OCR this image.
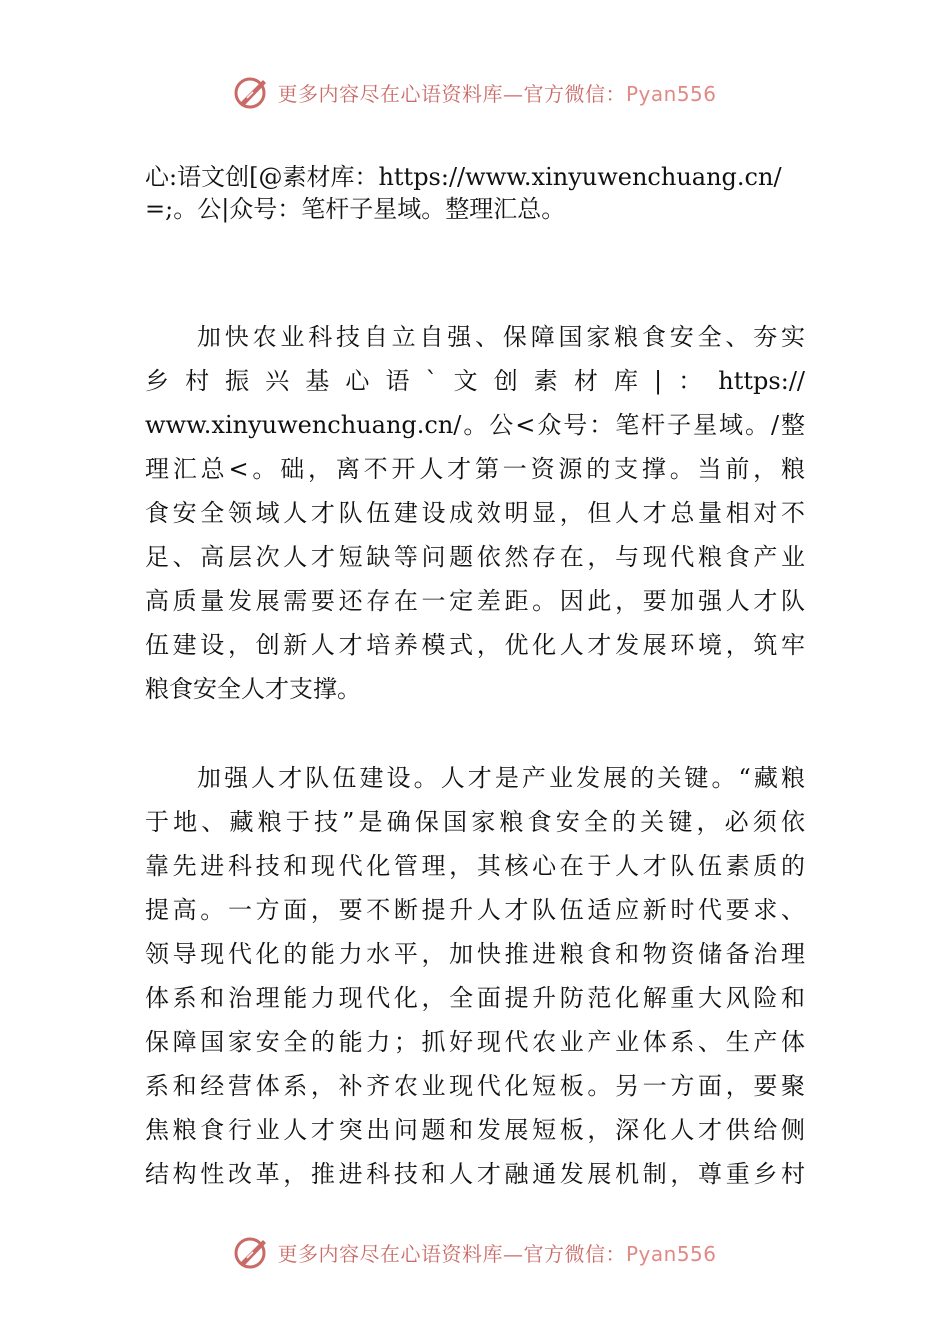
更多内容尽在心语资料库—官方微信：Pyan556
心:语文创[@素材库：https://www.xinyuwenchuang.cn/
=;。公|众号：笔杆子星域。整理汇总。
加快农业科技自立自强、保障国家粮食安全、夯实
乡村振兴基心语`文创素材库|：https://
www.xinyuwenchuang.cn/。公<众号：笔杆子星域。/整
理汇总<。础，离不开人才第一资源的支撑。当前，粮
食安全领域人才队伍建设成效明显，但人才总量相对不
足、高层次人才短缺等问题依然存在，与现代粮食产业
高质量发展需要还存在一定差距。因此，要加强人才队
伍建设，创新人才培养模式，优化人才发展环境，筑牢
粮食安全人才支撑。
加强人才队伍建设。人才是产业发展的关键。“藏粮
于地、藏粮于技”是确保国家粮食安全的关键，必须依
靠先进科技和现代化管理，其核心在于人才队伍素质的
提高。一方面，要不断提升人才队伍适应新时代要求、
领导现代化的能力水平，加快推进粮食和物资储备治理
体系和治理能力现代化，全面提升防范化解重大风险和
保障国家安全的能力；抓好现代农业产业体系、生产体
系和经营体系，补齐农业现代化短板。另一方面，要聚
焦粮食行业人才突出问题和发展短板，深化人才供给侧
结构性改革，推进科技和人才融通发展机制，尊重乡村
更多内容尽在心语资料库—官方微信：Pyan556
